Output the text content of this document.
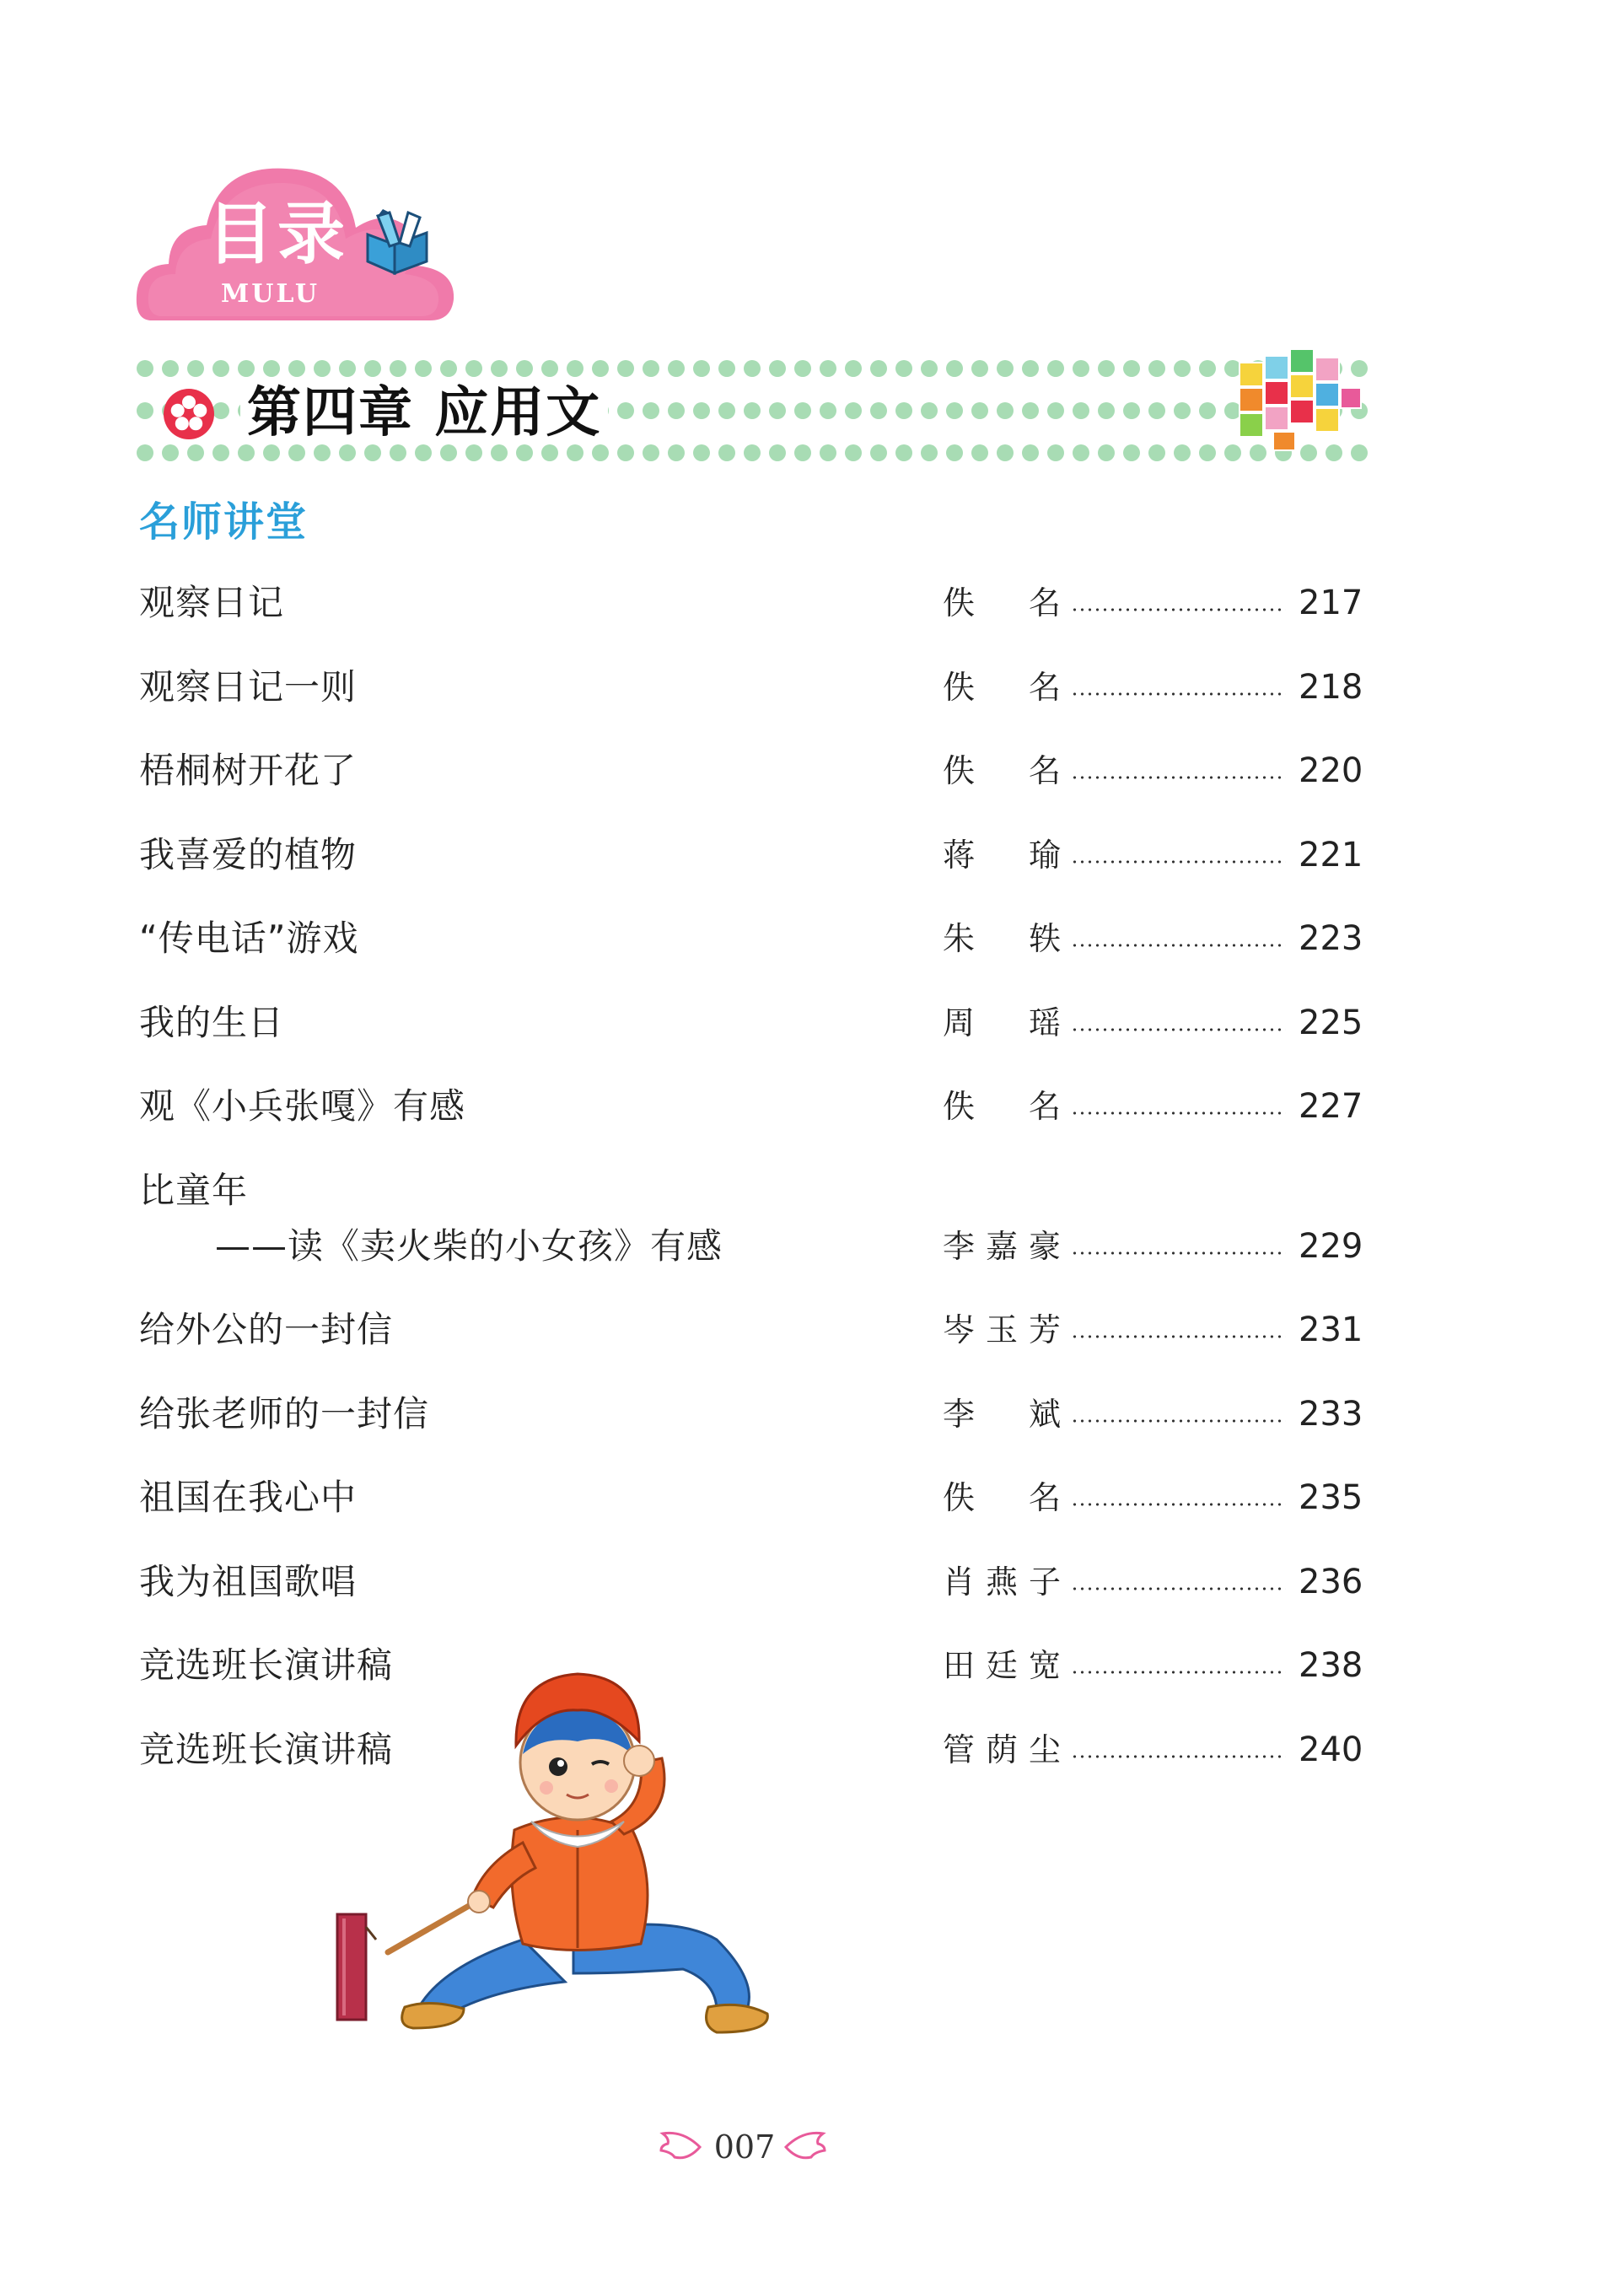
目录
MULU
第四章 应用文
名师讲堂
观察日记	佚名	217
观察日记一则	佚名	218
梧桐树开花了	佚名	220
我喜爱的植物	蒋瑜	221
“传电话”游戏	朱轶	223
我的生日	周瑶	225
观《小兵张嘎》有感	佚名	227
比童年
——读《卖火柴的小女孩》有感	李嘉豪	229
给外公的一封信	岑玉芳	231
给张老师的一封信	李斌	233
祖国在我心中	佚名	235
我为祖国歌唱	肖燕子	236
竞选班长演讲稿	田廷宽	238
竞选班长演讲稿	管荫尘	240
007
